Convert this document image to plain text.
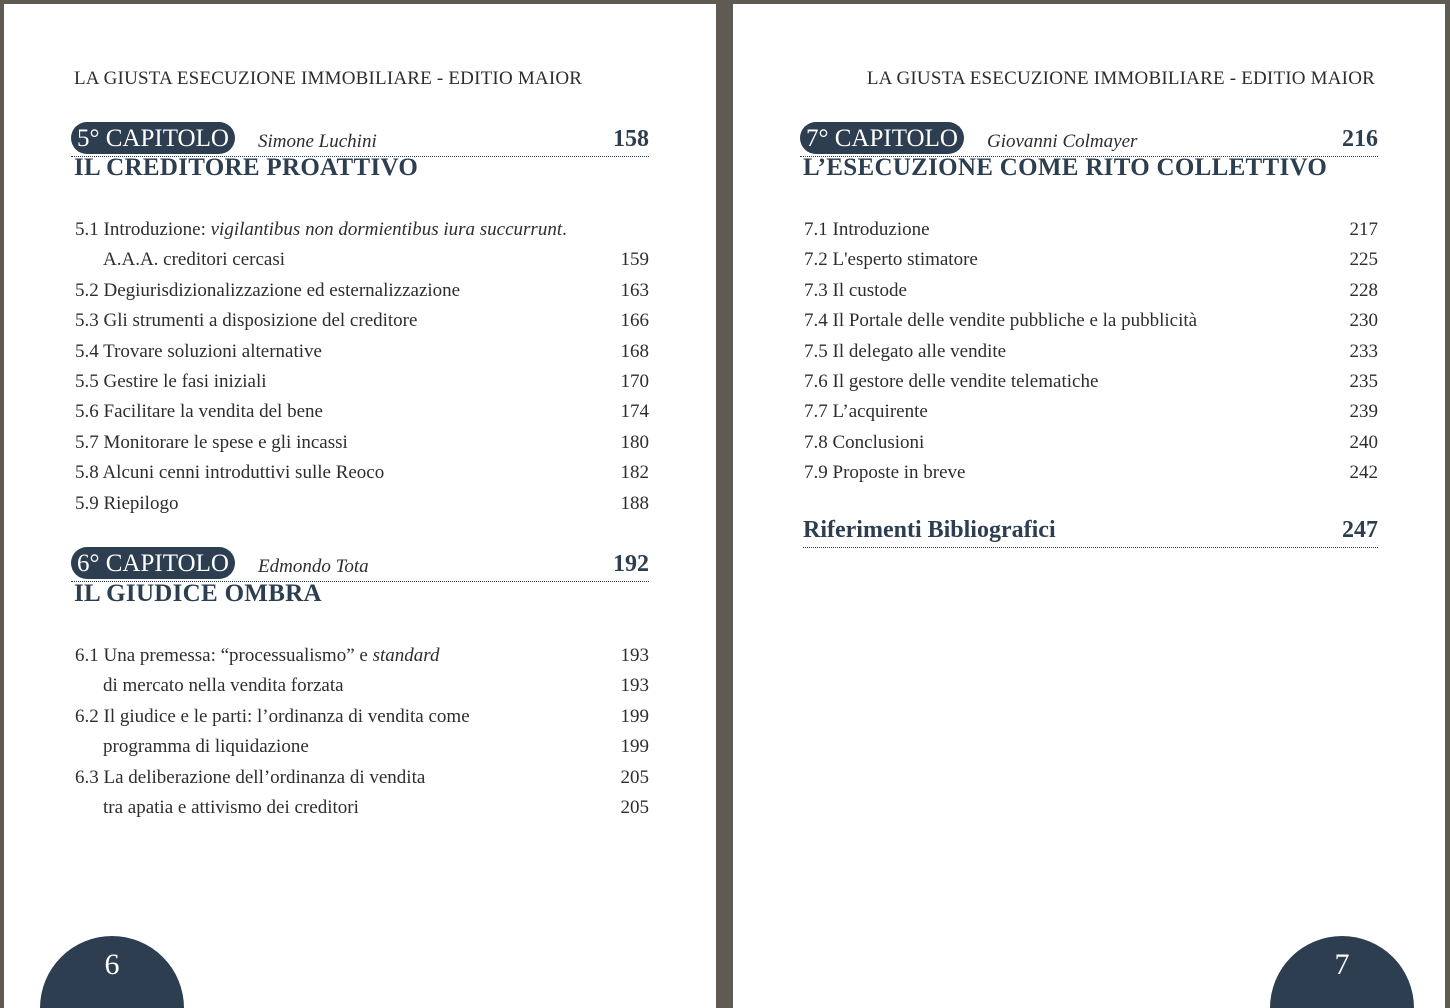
LA GIUSTA ESECUZIONE IMMOBILIARE - EDITIO MAIOR
5° CAPITOLO	Simone Luchini	158
IL CREDITORE PROATTIVO
5.1 Introduzione: vigilantibus non dormientibus iura succurrunt.
A.A.A. creditori cercasi	159
5.2 Degiurisdizionalizzazione ed esternalizzazione	163
5.3 Gli strumenti a disposizione del creditore	166
5.4 Trovare soluzioni alternative	168
5.5 Gestire le fasi iniziali	170
5.6 Facilitare la vendita del bene	174
5.7 Monitorare le spese e gli incassi	180
5.8 Alcuni cenni introduttivi sulle Reoco	182
5.9 Riepilogo	188
6° CAPITOLO	Edmondo Tota	192
IL GIUDICE OMBRA
6.1 Una premessa: “processualismo” e standard	193
di mercato nella vendita forzata	193
6.2 Il giudice e le parti: l’ordinanza di vendita come	199
programma di liquidazione	199
6.3 La deliberazione dell’ordinanza di vendita	205
tra apatia e attivismo dei creditori	205
6
LA GIUSTA ESECUZIONE IMMOBILIARE - EDITIO MAIOR
7° CAPITOLO	Giovanni Colmayer	216
L’ESECUZIONE COME RITO COLLETTIVO
7.1 Introduzione	217
7.2 L'esperto stimatore	225
7.3 Il custode	228
7.4 Il Portale delle vendite pubbliche e la pubblicità	230
7.5 Il delegato alle vendite	233
7.6 Il gestore delle vendite telematiche	235
7.7 L’acquirente	239
7.8 Conclusioni	240
7.9 Proposte in breve	242
Riferimenti Bibliografici	247
7
